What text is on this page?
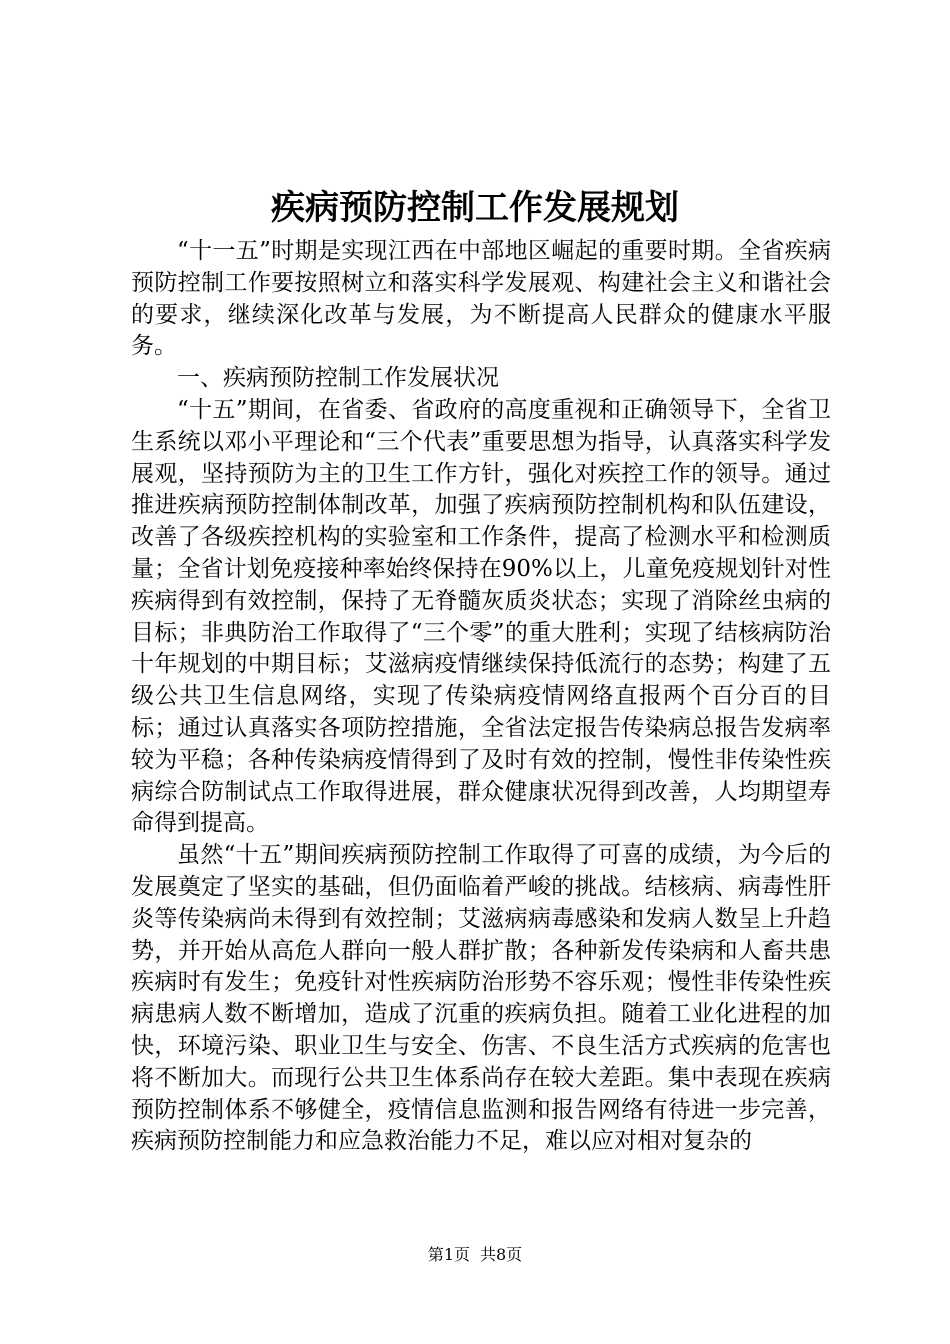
疾病预防控制工作发展规划

“十一五”时期是实现江西在中部地区崛起的重要时期。全省疾病预防控制工作要按照树立和落实科学发展观、构建社会主义和谐社会的要求，继续深化改革与发展，为不断提高人民群众的健康水平服务。

一、疾病预防控制工作发展状况

“十五”期间，在省委、省政府的高度重视和正确领导下，全省卫生系统以邓小平理论和“三个代表”重要思想为指导，认真落实科学发展观，坚持预防为主的卫生工作方针，强化对疾控工作的领导。通过推进疾病预防控制体制改革，加强了疾病预防控制机构和队伍建设，改善了各级疾控机构的实验室和工作条件，提高了检测水平和检测质量；全省计划免疫接种率始终保持在90%以上，儿童免疫规划针对性疾病得到有效控制，保持了无脊髓灰质炎状态；实现了消除丝虫病的目标；非典防治工作取得了“三个零”的重大胜利；实现了结核病防治十年规划的中期目标；艾滋病疫情继续保持低流行的态势；构建了五级公共卫生信息网络，实现了传染病疫情网络直报两个百分百的目标；通过认真落实各项防控措施，全省法定报告传染病总报告发病率较为平稳；各种传染病疫情得到了及时有效的控制，慢性非传染性疾病综合防制试点工作取得进展，群众健康状况得到改善，人均期望寿命得到提高。

虽然“十五”期间疾病预防控制工作取得了可喜的成绩，为今后的发展奠定了坚实的基础，但仍面临着严峻的挑战。结核病、病毒性肝炎等传染病尚未得到有效控制；艾滋病病毒感染和发病人数呈上升趋势，并开始从高危人群向一般人群扩散；各种新发传染病和人畜共患疾病时有发生；免疫针对性疾病防治形势不容乐观；慢性非传染性疾病患病人数不断增加，造成了沉重的疾病负担。随着工业化进程的加快，环境污染、职业卫生与安全、伤害、不良生活方式疾病的危害也将不断加大。而现行公共卫生体系尚存在较大差距。集中表现在疾病预防控制体系不够健全，疫情信息监测和报告网络有待进一步完善，疾病预防控制能力和应急救治能力不足，难以应对相对复杂的

第1页 共8页
